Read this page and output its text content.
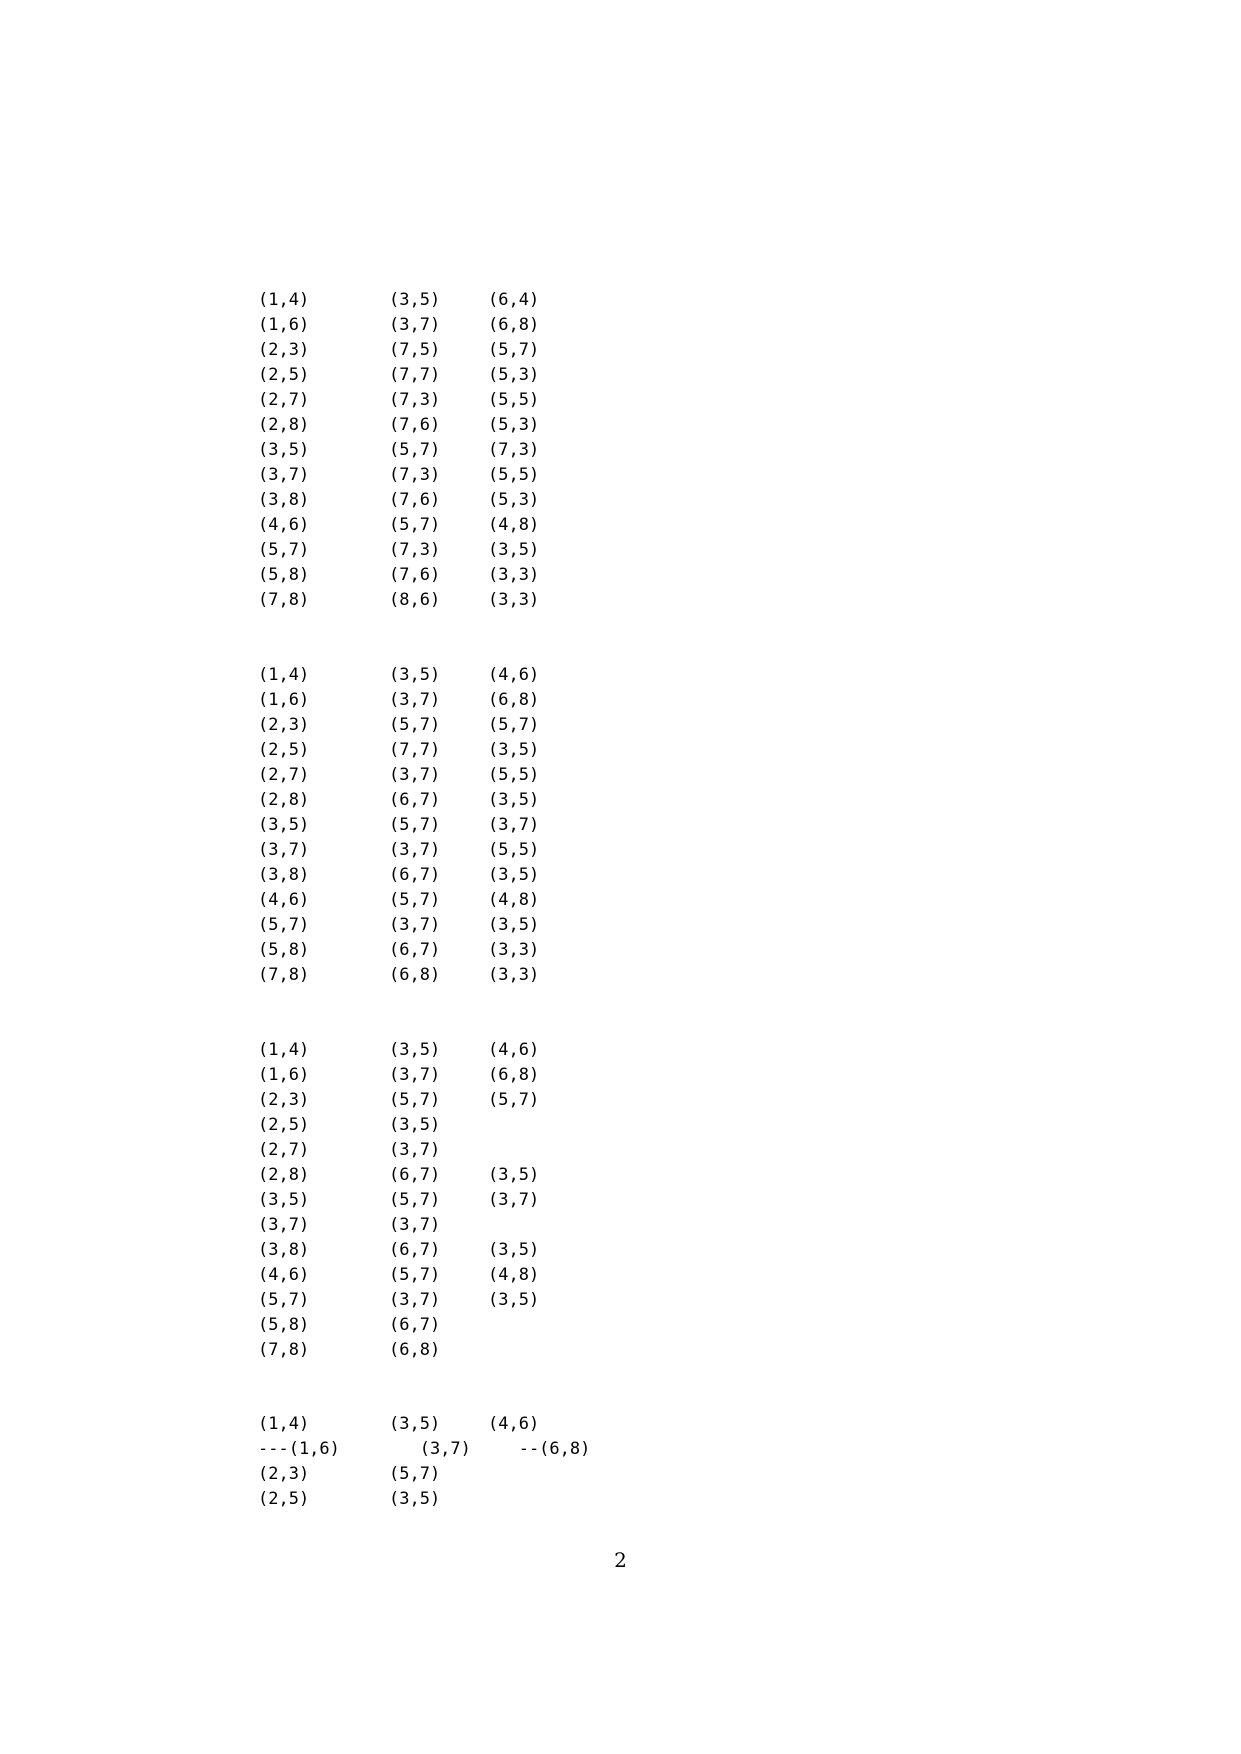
(1,4)	(3,5)	(6,4)
(1,6)	(3,7)	(6,8)
(2,3)	(7,5)	(5,7)
(2,5)	(7,7)	(5,3)
(2,7)	(7,3)	(5,5)
(2,8)	(7,6)	(5,3)
(3,5)	(5,7)	(7,3)
(3,7)	(7,3)	(5,5)
(3,8)	(7,6)	(5,3)
(4,6)	(5,7)	(4,8)
(5,7)	(7,3)	(3,5)
(5,8)	(7,6)	(3,3)
(7,8)	(8,6)	(3,3)
(1,4)	(3,5)	(4,6)
(1,6)	(3,7)	(6,8)
(2,3)	(5,7)	(5,7)
(2,5)	(7,7)	(3,5)
(2,7)	(3,7)	(5,5)
(2,8)	(6,7)	(3,5)
(3,5)	(5,7)	(3,7)
(3,7)	(3,7)	(5,5)
(3,8)	(6,7)	(3,5)
(4,6)	(5,7)	(4,8)
(5,7)	(3,7)	(3,5)
(5,8)	(6,7)	(3,3)
(7,8)	(6,8)	(3,3)
(1,4)	(3,5)	(4,6)
(1,6)	(3,7)	(6,8)
(2,3)	(5,7)	(5,7)
(2,5)	(3,5)
(2,7)	(3,7)
(2,8)	(6,7)	(3,5)
(3,5)	(5,7)	(3,7)
(3,7)	(3,7)
(3,8)	(6,7)	(3,5)
(4,6)	(5,7)	(4,8)
(5,7)	(3,7)	(3,5)
(5,8)	(6,7)
(7,8)	(6,8)
(1,4)	(3,5)	(4,6)
---(1,6)	(3,7) --(6,8)
(2,3)	(5,7)
(2,5)	(3,5)
2
